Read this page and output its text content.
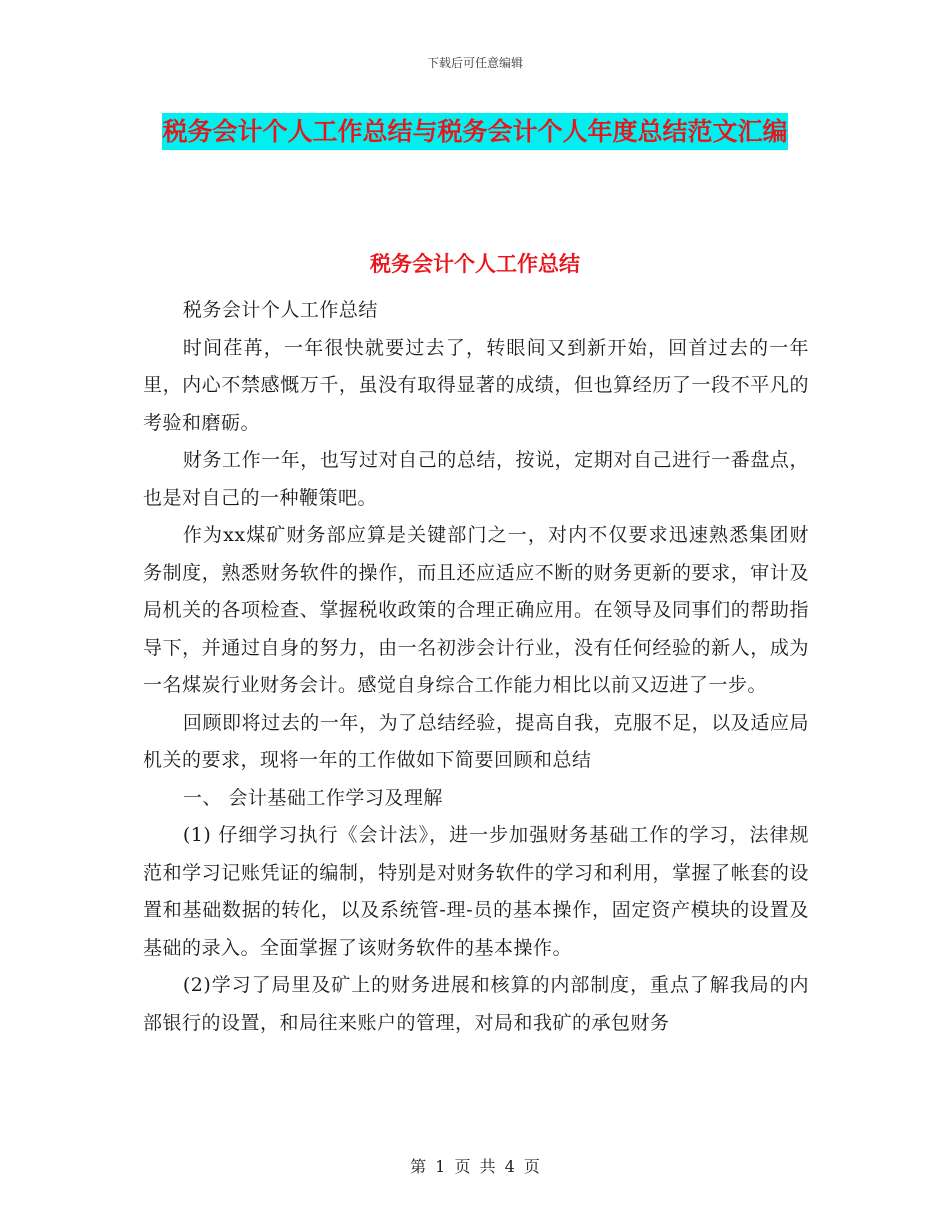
下载后可任意编辑
税务会计个人工作总结与税务会计个人年度总结范文汇编
税务会计个人工作总结

税务会计个人工作总结

时间荏苒，一年很快就要过去了，转眼间又到新开始，回首过去的一年里，内心不禁感慨万千，虽没有取得显著的成绩，但也算经历了一段不平凡的考验和磨砺。

财务工作一年，也写过对自己的总结，按说，定期对自己进行一番盘点，也是对自己的一种鞭策吧。

作为xx煤矿财务部应算是关键部门之一，对内不仅要求迅速熟悉集团财务制度，熟悉财务软件的操作，而且还应适应不断的财务更新的要求，审计及局机关的各项检查、掌握税收政策的合理正确应用。在领导及同事们的帮助指导下，并通过自身的努力，由一名初涉会计行业，没有任何经验的新人，成为一名煤炭行业财务会计。感觉自身综合工作能力相比以前又迈进了一步。

回顾即将过去的一年，为了总结经验，提高自我，克服不足，以及适应局机关的要求，现将一年的工作做如下简要回顾和总结

一、 会计基础工作学习及理解

(1) 仔细学习执行《会计法》，进一步加强财务基础工作的学习，法律规范和学习记账凭证的编制，特别是对财务软件的学习和利用，掌握了帐套的设置和基础数据的转化，以及系统管-理-员的基本操作，固定资产模块的设置及基础的录入。全面掌握了该财务软件的基本操作。

(2)学习了局里及矿上的财务进展和核算的内部制度，重点了解我局的内部银行的设置，和局往来账户的管理，对局和我矿的承包财务

第 1 页 共 4 页
